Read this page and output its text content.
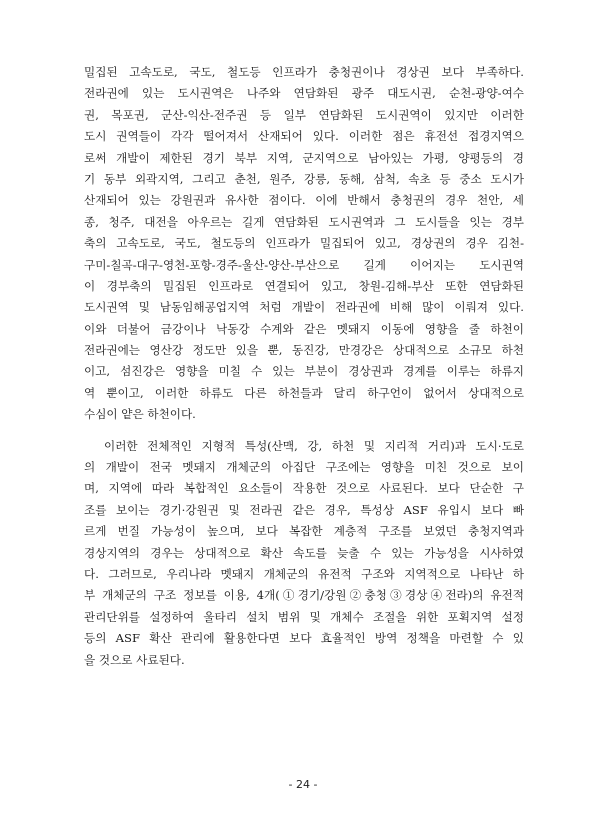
밀집된 고속도로, 국도, 철도등 인프라가 충청권이나 경상권 보다 부족하다.
전라권에 있는 도시권역은 나주와 연담화된 광주 대도시권, 순천-광양-여수
권, 목포권, 군산-익산-전주권 등 일부 연담화된 도시권역이 있지만 이러한
도시 권역들이 각각 떨어져서 산재되어 있다. 이러한 점은 휴전선 접경지역으
로써 개발이 제한된 경기 북부 지역, 군지역으로 남아있는 가평, 양평등의 경
기 동부 외곽지역, 그리고 춘천, 원주, 강릉, 동해, 삼척, 속초 등 중소 도시가
산재되어 있는 강원권과 유사한 점이다. 이에 반해서 충청권의 경우 천안, 세
종, 청주, 대전을 아우르는 길게 연담화된 도시권역과 그 도시들을 잇는 경부
축의 고속도로, 국도, 철도등의 인프라가 밀집되어 있고, 경상권의 경우 김천-
구미-칠곡-대구-영천-포항-경주-울산-양산-부산으로 길게 이어지는 도시권역
이 경부축의 밀집된 인프라로 연결되어 있고, 창원-김해-부산 또한 연담화된
도시권역 및 남동임해공업지역 처럼 개발이 전라권에 비해 많이 이뤄져 있다.
이와 더불어 금강이나 낙동강 수계와 같은 멧돼지 이동에 영향을 줄 하천이
전라권에는 영산강 정도만 있을 뿐, 동진강, 만경강은 상대적으로 소규모 하천
이고, 섬진강은 영향을 미칠 수 있는 부분이 경상권과 경계를 이루는 하류지
역 뿐이고, 이러한 하류도 다른 하천들과 달리 하구언이 없어서 상대적으로
수심이 얕은 하천이다.
이러한 전체적인 지형적 특성(산맥, 강, 하천 및 지리적 거리)과 도시·도로
의 개발이 전국 멧돼지 개체군의 아집단 구조에는 영향을 미친 것으로 보이
며, 지역에 따라 복합적인 요소들이 작용한 것으로 사료된다. 보다 단순한 구
조를 보이는 경기·강원권 및 전라권 같은 경우, 특성상 ASF 유입시 보다 빠
르게 번질 가능성이 높으며, 보다 복잡한 계층적 구조를 보였던 충청지역과
경상지역의 경우는 상대적으로 확산 속도를 늦출 수 있는 가능성을 시사하였
다. 그러므로, 우리나라 멧돼지 개체군의 유전적 구조와 지역적으로 나타난 하
부 개체군의 구조 정보를 이용, 4개(①경기/강원②충청③경상④전라)의 유전적
관리단위를 설정하여 울타리 설치 범위 및 개체수 조절을 위한 포획지역 설정
등의 ASF 확산 관리에 활용한다면 보다 효율적인 방역 정책을 마련할 수 있
을 것으로 사료된다.
- 24 -
